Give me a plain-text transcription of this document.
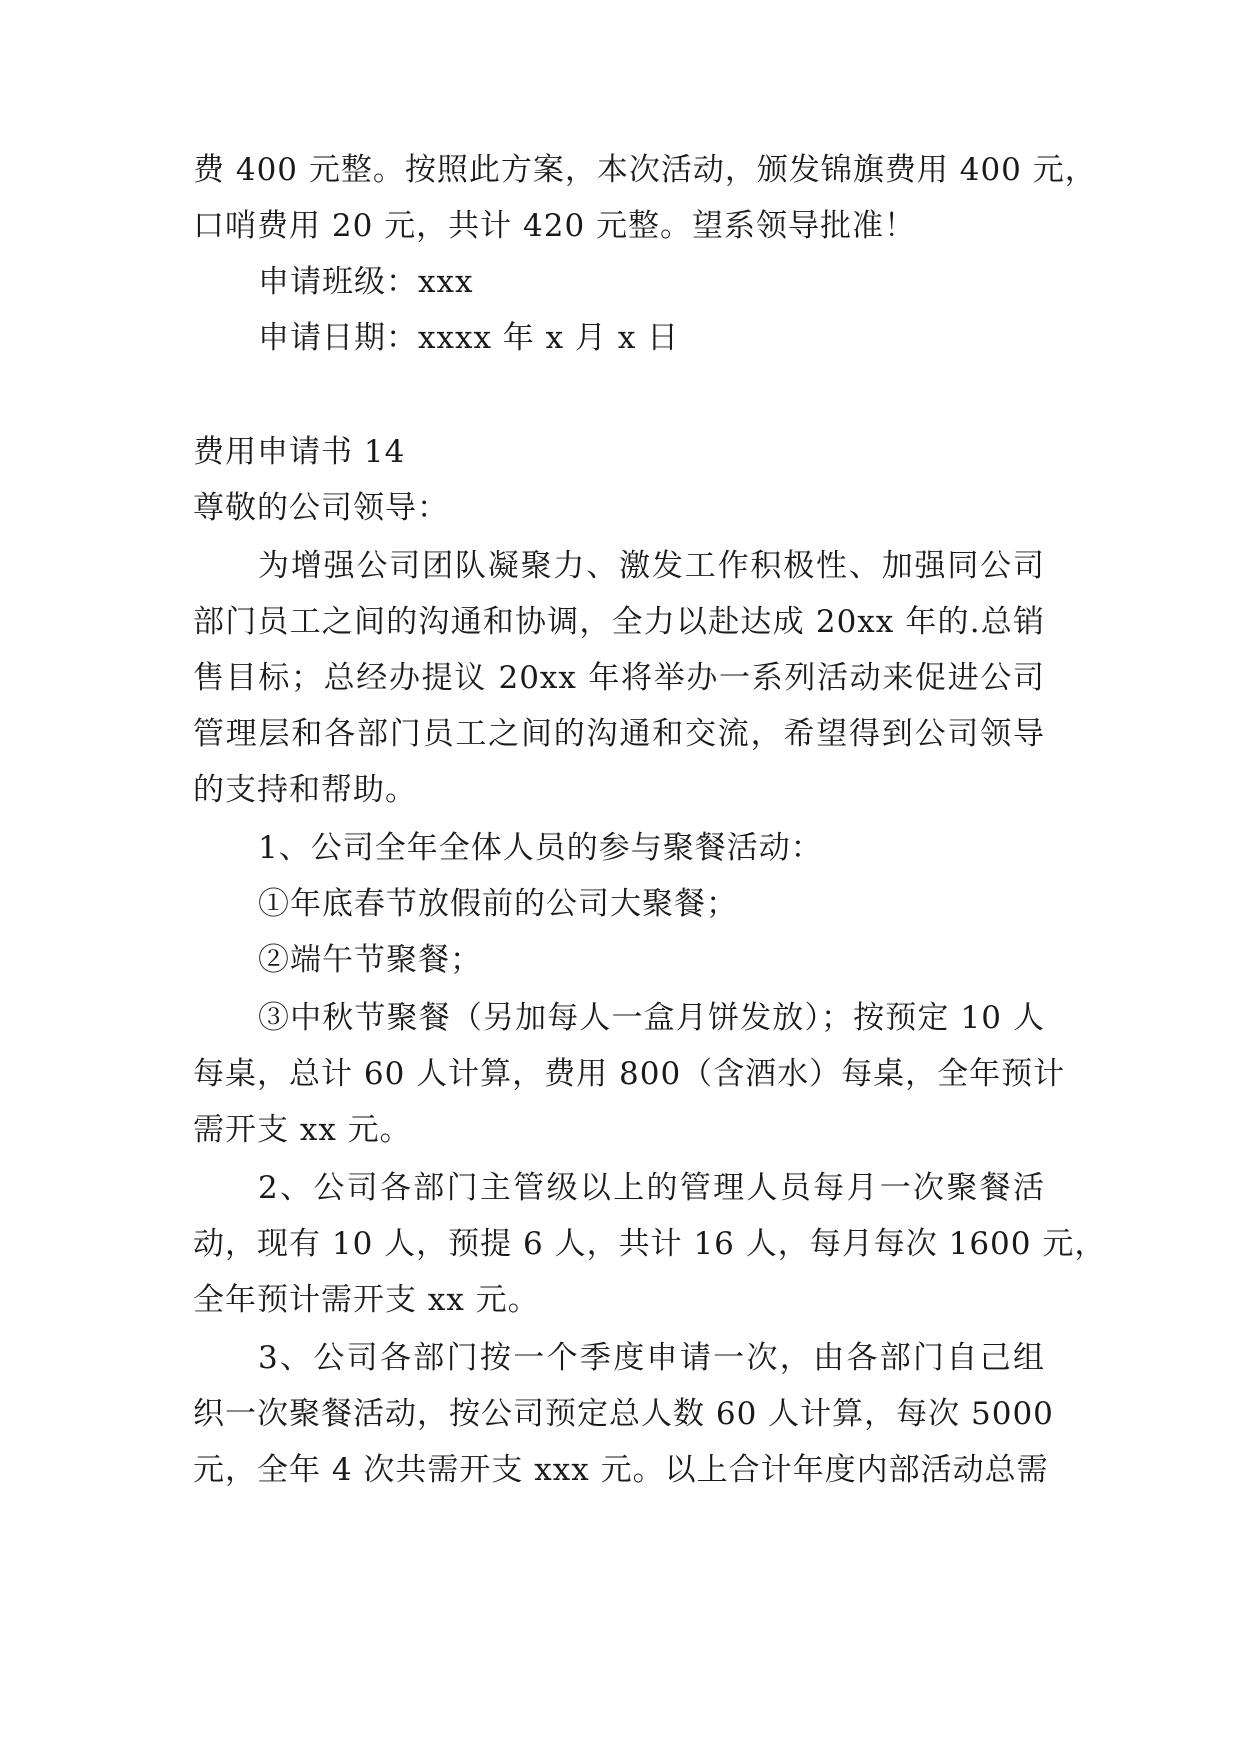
费 400 元整。按照此方案，本次活动，颁发锦旗费用 400 元，
口哨费用 20 元，共计 420 元整。望系领导批准！
申请班级：xxx
申请日期：xxxx 年 x 月 x 日
费用申请书 14
尊敬的公司领导：
为增强公司团队凝聚力、激发工作积极性、加强同公司
部门员工之间的沟通和协调，全力以赴达成 20xx 年的.总销
售目标；总经办提议 20xx 年将举办一系列活动来促进公司
管理层和各部门员工之间的沟通和交流，希望得到公司领导
的支持和帮助。
1、公司全年全体人员的参与聚餐活动：
①年底春节放假前的公司大聚餐；
②端午节聚餐；
③中秋节聚餐（另加每人一盒月饼发放）；按预定 10 人
每桌，总计 60 人计算，费用 800（含酒水）每桌，全年预计
需开支 xx 元。
2、公司各部门主管级以上的管理人员每月一次聚餐活
动，现有 10 人，预提 6 人，共计 16 人，每月每次 1600 元，
全年预计需开支 xx 元。
3、公司各部门按一个季度申请一次，由各部门自己组
织一次聚餐活动，按公司预定总人数 60 人计算，每次 5000
元，全年 4 次共需开支 xxx 元。以上合计年度内部活动总需
